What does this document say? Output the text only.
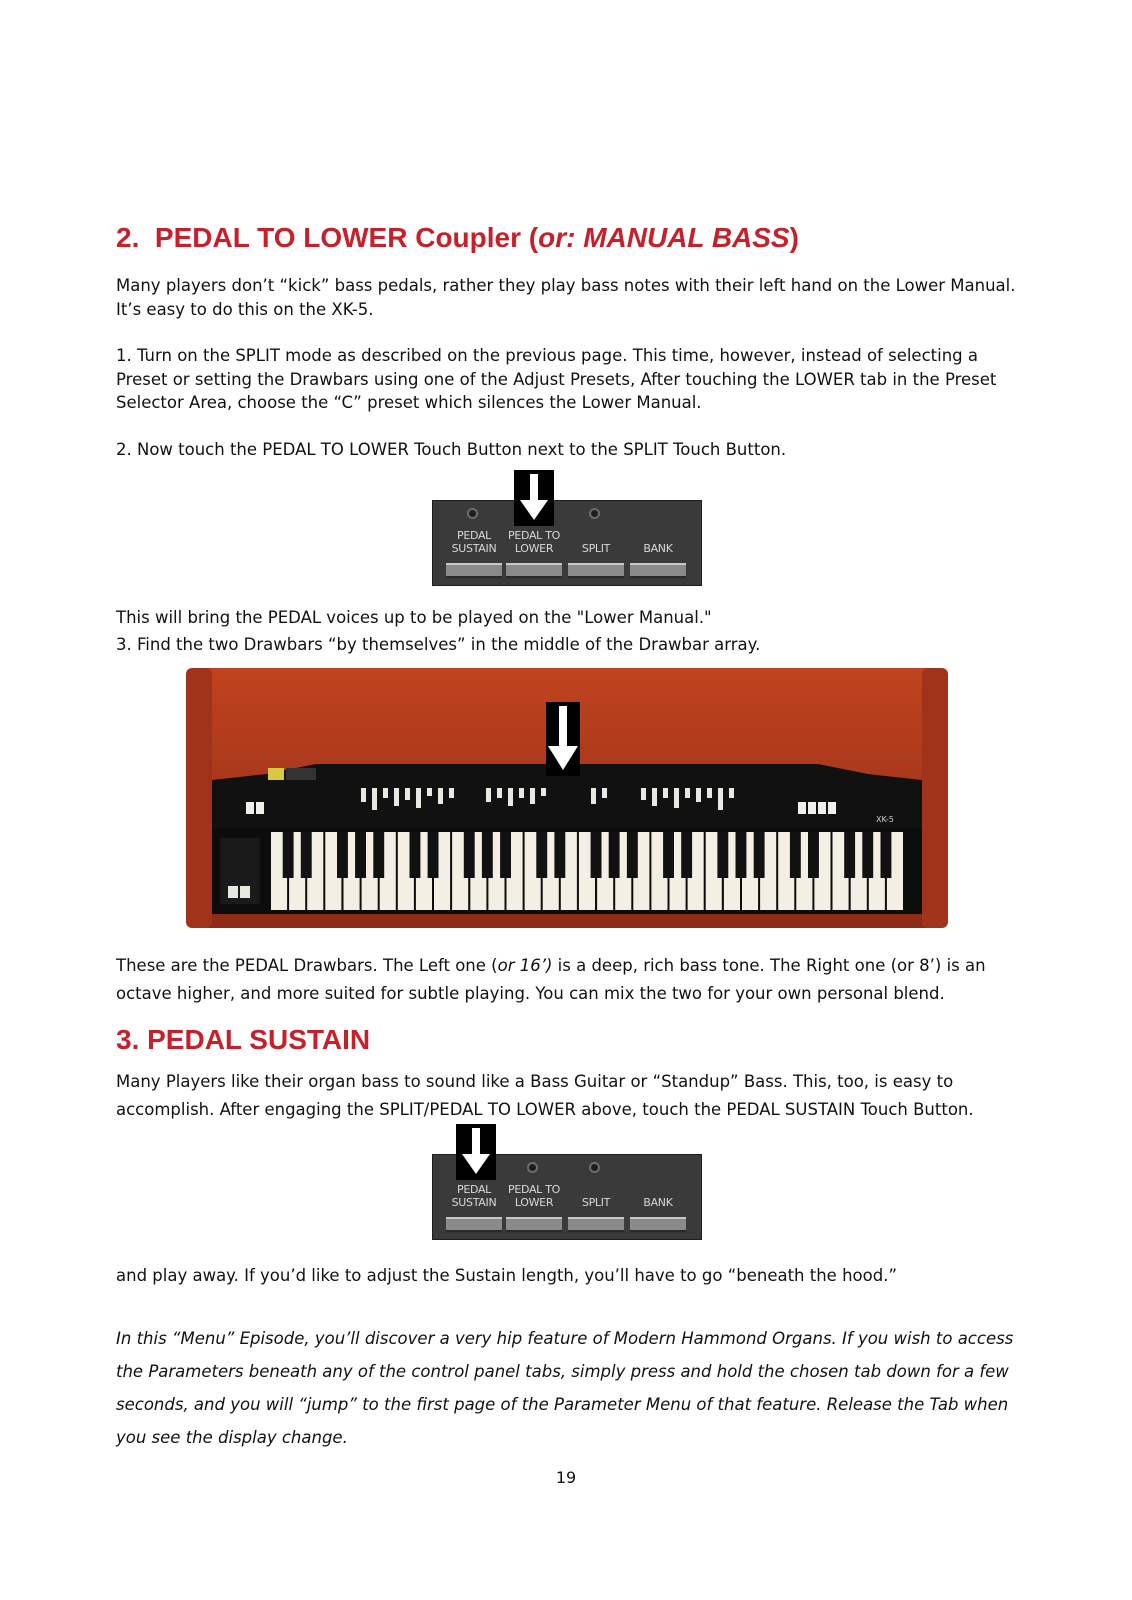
2. PEDAL TO LOWER Coupler (or: MANUAL BASS)

Many players don’t “kick” bass pedals, rather they play bass notes with their left hand on the Lower Manual. It’s easy to do this on the XK-5.

1. Turn on the SPLIT mode as described on the previous page. This time, however, instead of selecting a Preset or setting the Drawbars using one of the Adjust Presets, After touching the LOWER tab in the Preset Selector Area, choose the “C” preset which silences the Lower Manual.

2. Now touch the PEDAL TO LOWER Touch Button next to the SPLIT Touch Button.

PEDAL
SUSTAIN
PEDAL TO
LOWER	SPLIT	BANK

This will bring the PEDAL voices up to be played on the "Lower Manual."

3. Find the two Drawbars “by themselves” in the middle of the Drawbar array.

XK-5

These are the PEDAL Drawbars. The Left one (or 16’) is a deep, rich bass tone. The Right one (or 8’) is an octave higher, and more suited for subtle playing. You can mix the two for your own personal blend.

3. PEDAL SUSTAIN

Many Players like their organ bass to sound like a Bass Guitar or “Standup” Bass. This, too, is easy to accomplish. After engaging the SPLIT/PEDAL TO LOWER above, touch the PEDAL SUSTAIN Touch Button.

PEDAL
SUSTAIN
PEDAL TO
LOWER	SPLIT	BANK

and play away. If you’d like to adjust the Sustain length, you’ll have to go “beneath the hood.”

In this “Menu” Episode, you’ll discover a very hip feature of Modern Hammond Organs. If you wish to access the Parameters beneath any of the control panel tabs, simply press and hold the chosen tab down for a few seconds, and you will “jump” to the first page of the Parameter Menu of that feature. Release the Tab when you see the display change.

19
